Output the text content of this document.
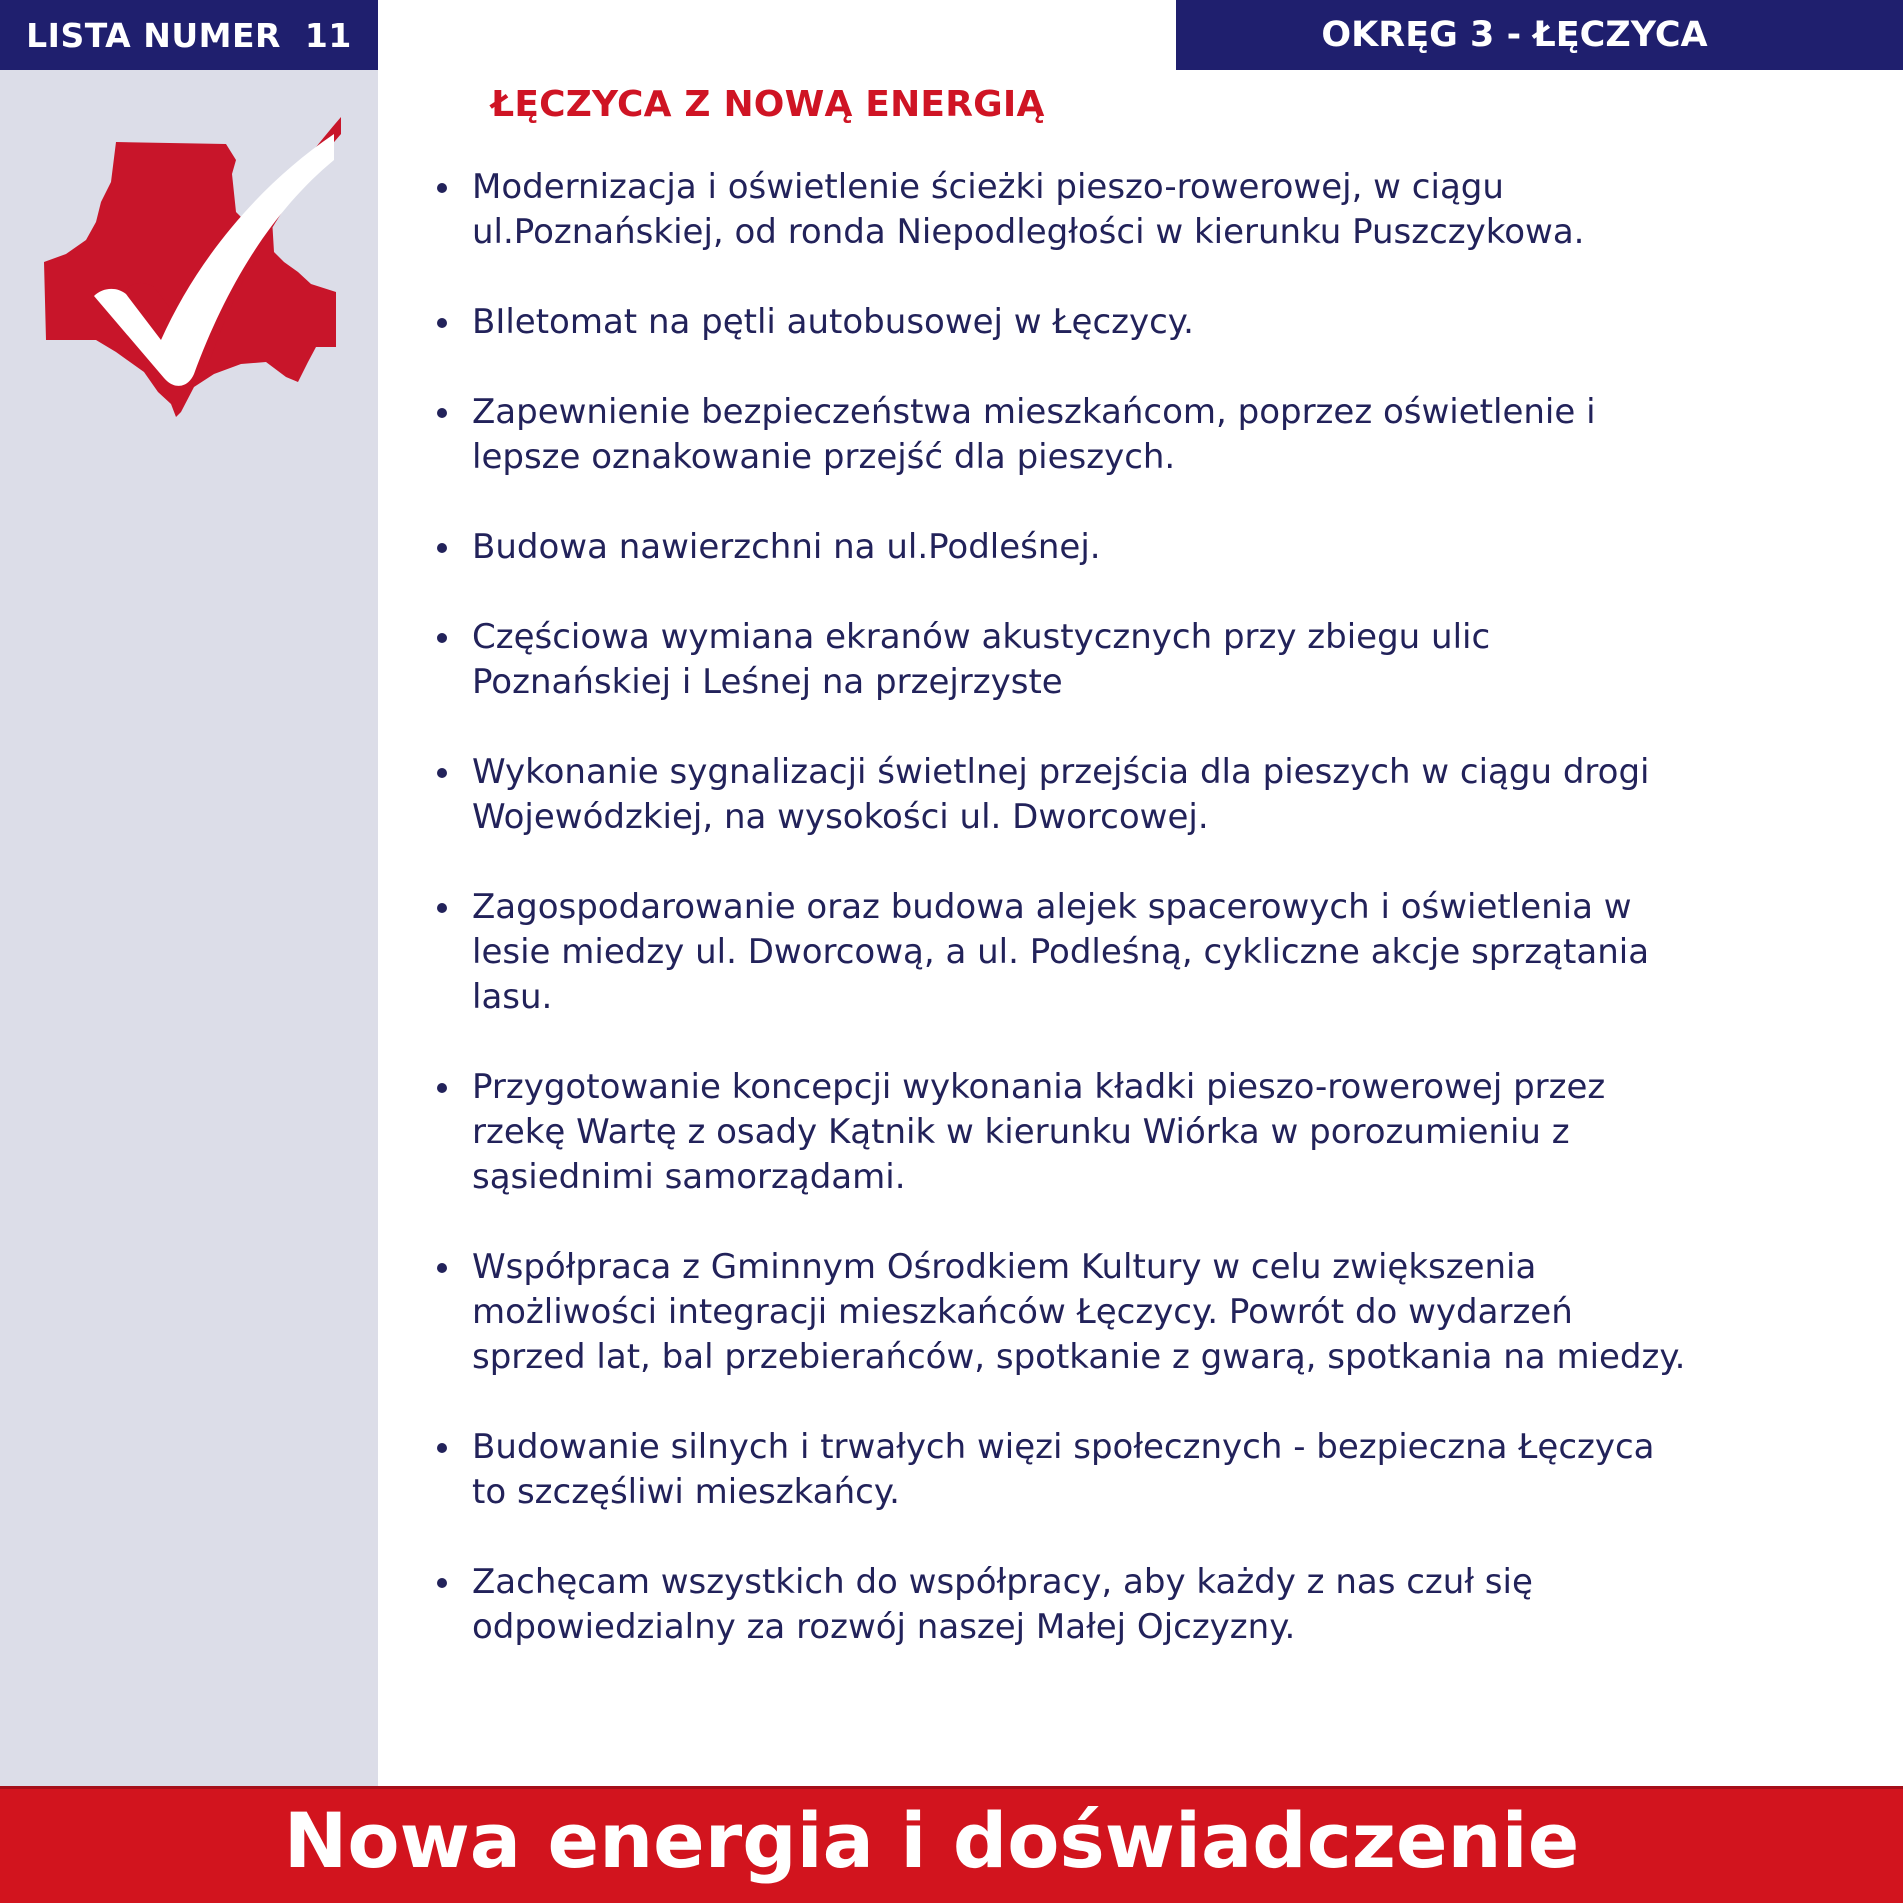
LISTA NUMER  11	OKRĘG 3 - ŁĘCZYCA
ŁĘCZYCA Z NOWĄ ENERGIĄ
Modernizacja i oświetlenie ścieżki pieszo-rowerowej, w ciągu
ul.Poznańskiej, od ronda Niepodległości w kierunku Puszczykowa.
BIletomat na pętli autobusowej w Łęczycy.
Zapewnienie bezpieczeństwa mieszkańcom, poprzez oświetlenie i
lepsze oznakowanie przejść dla pieszych.
Budowa nawierzchni na ul.Podleśnej.
Częściowa wymiana ekranów akustycznych przy zbiegu ulic
Poznańskiej i Leśnej na przejrzyste
Wykonanie sygnalizacji świetlnej przejścia dla pieszych w ciągu drogi
Wojewódzkiej, na wysokości ul. Dworcowej.
Zagospodarowanie oraz budowa alejek spacerowych i oświetlenia w
lesie miedzy ul. Dworcową, a ul. Podleśną, cykliczne akcje sprzątania
lasu.
Przygotowanie koncepcji wykonania kładki pieszo-rowerowej przez
rzekę Wartę z osady Kątnik w kierunku Wiórka w porozumieniu z
sąsiednimi samorządami.
Współpraca z Gminnym Ośrodkiem Kultury w celu zwiększenia
możliwości integracji mieszkańców Łęczycy. Powrót do wydarzeń
sprzed lat, bal przebierańców, spotkanie z gwarą, spotkania na miedzy.
Budowanie silnych i trwałych więzi społecznych - bezpieczna Łęczyca
to szczęśliwi mieszkańcy.
Zachęcam wszystkich do współpracy, aby każdy z nas czuł się
odpowiedzialny za rozwój naszej Małej Ojczyzny.
Nowa energia i doświadczenie
